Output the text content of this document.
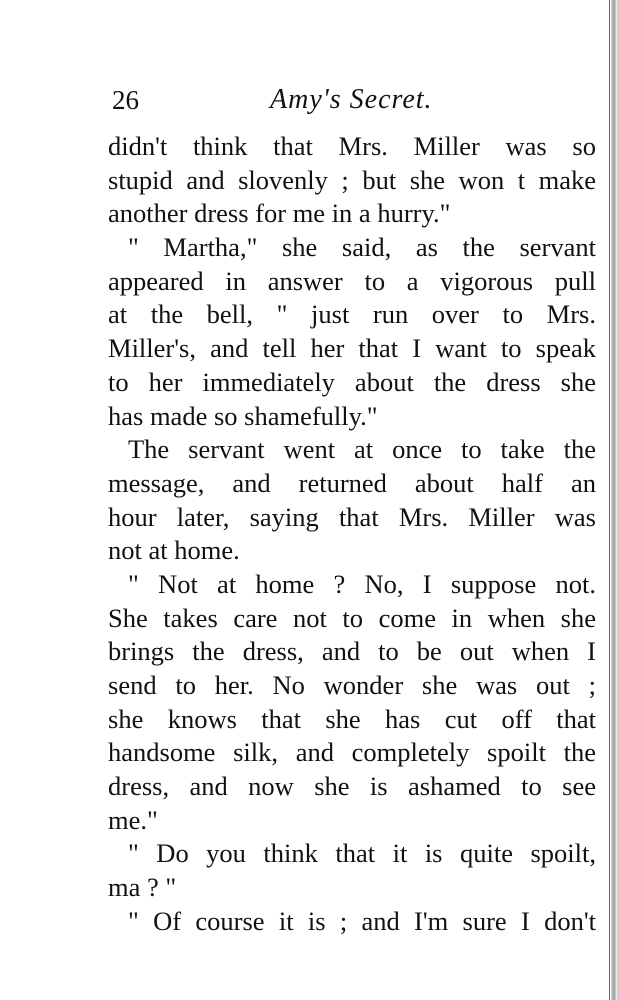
26	Amy's Secret.
didn't think that Mrs. Miller was so
stupid and slovenly ; but she won t make
another dress for me in a hurry."
" Martha," she said, as the servant
appeared in answer to a vigorous pull
at the bell, " just run over to Mrs.
Miller's, and tell her that I want to speak
to her immediately about the dress she
has made so shamefully."
The servant went at once to take the
message, and returned about half an
hour later, saying that Mrs. Miller was
not at home.
" Not at home ? No, I suppose not.
She takes care not to come in when she
brings the dress, and to be out when I
send to her. No wonder she was out ;
she knows that she has cut off that
handsome silk, and completely spoilt the
dress, and now she is ashamed to see
me."
" Do you think that it is quite spoilt,
ma ? "
" Of course it is ; and I'm sure I don't
